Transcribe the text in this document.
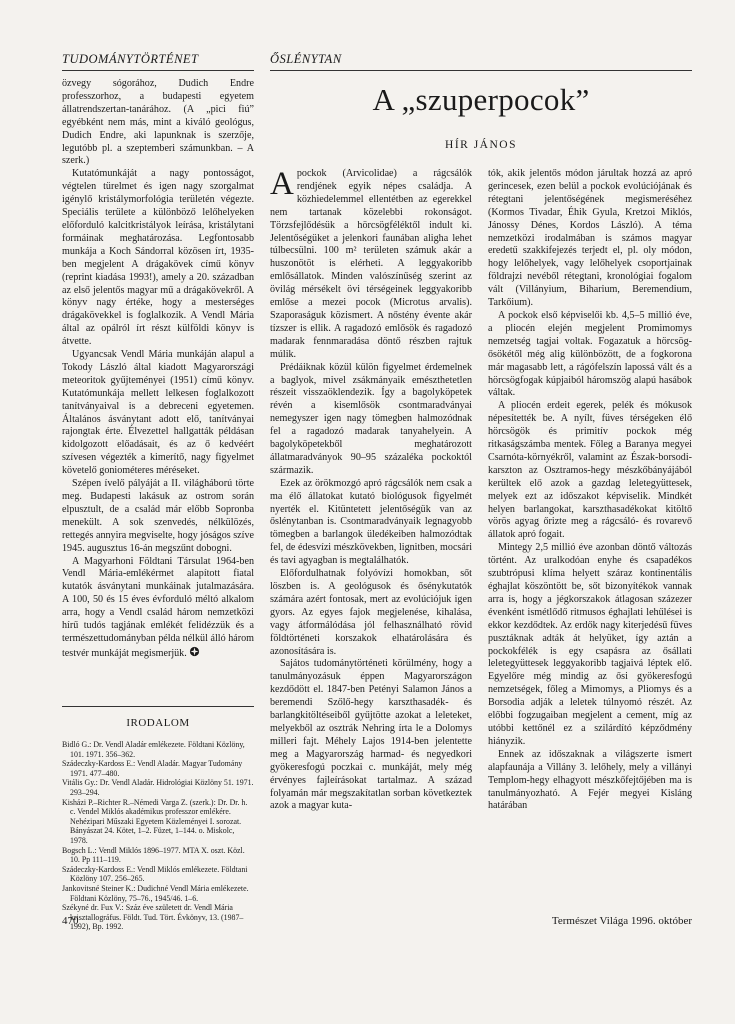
TUDOMÁNYTÖRTÉNET	ŐSLÉNYTAN

özvegy sógorához, Dudich Endre professzorhoz, a budapesti egyetem állatrendszertan-tanárához. (A „pici fiú” egyébként nem más, mint a kiváló geológus, Dudich Endre, aki lapunknak is szerzője, legutóbb pl. a szeptemberi számunkban. – A szerk.)

Kutatómunkáját a nagy pontosságot, végtelen türelmet és igen nagy szorgalmat igénylő kristálymorfológia területén végezte. Speciális területe a különböző lelőhelyeken előforduló kalcitkristályok leírása, kristálytani formáinak meghatározása. Legfontosabb munkája a Koch Sándorral közösen írt, 1935-ben megjelent A drágakövek című könyv (reprint kiadása 1993!), amely a 20. században az első jelentős magyar mű a drágakövekről. A könyv nagy értéke, hogy a mesterséges drágakövekkel is foglalkozik. A Vendl Mária által az opálról írt részt külföldi könyv is átvette.

Ugyancsak Vendl Mária munkáján alapul a Tokody László által kiadott Magyarországi meteoritok gyűjteményei (1951) című könyv. Kutatómunkája mellett lelkesen foglalkozott tanítványaival is a debreceni egyetemen. Általános ásványtant adott elő, tanítványai rajongtak érte. Élvezettel hallgatták példásan kidolgozott előadásait, és az ő kedvéért szívesen végezték a kimerítő, nagy figyelmet követelő goniométeres méréseket.

Szépen ívelő pályáját a II. világháború törte meg. Budapesti lakásuk az ostrom során elpusztult, de a család már előbb Sopronba menekült. A sok szenvedés, nélkülözés, rettegés annyira megviselte, hogy jóságos szíve 1945. augusztus 16-án megszűnt dobogni.

A Magyarhoni Földtani Társulat 1964-ben Vendl Mária-emlékérmet alapított fiatal kutatók ásványtani munkáinak jutalmazására. A 100, 50 és 15 éves évforduló méltó alkalom arra, hogy a Vendl család három nemzetközi hírű tudós tagjának emlékét felidézzük és a természettudományban példa nélkül álló három testvér munkáját megismerjük.

IRODALOM
Bidló G.: Dr. Vendl Aladár emlékezete. Földtani Közlöny, 101. 1971. 356–362.
Szádeczky-Kardoss E.: Vendl Aladár. Magyar Tudomány 1971. 477–480.
Vitális Gy.: Dr. Vendl Aladár. Hidrológiai Közlöny 51. 1971. 293–294.
Kisházi P.–Richter R.–Némedi Varga Z. (szerk.): Dr. Dr. h. c. Vendel Miklós akadémikus professzor emlékére. Nehézipari Műszaki Egyetem Közleményei I. sorozat. Bányászat 24. Kötet, 1–2. Füzet, 1–144. o. Miskolc, 1978.
Bogsch L.: Vendl Miklós 1896–1977. MTA X. oszt. Közl. 10. Pp 111–119.
Szádeczky-Kardoss E.: Vendl Miklós emlékezete. Földtani Közlöny 107. 256–265.
Jankovitsné Steiner K.: Dudichné Vendl Mária emlékezete. Földtani Közlöny, 75–76., 1945/46. 1–6.
Székyné dr. Fux V.: Száz éve született dr. Vendl Mária krisztallográfus. Földt. Tud. Tört. Évkönyv, 13. (1987–1992), Bp. 1992.
A „szuperpocok”
HÍR JÁNOS

Apockok (Arvicolidae) a rágcsálók rendjének egyik népes családja. A közhiedelemmel ellentétben az egerekkel nem tartanak közelebbi rokonságot. Törzsfejlődésük a hörcsögféléktől indult ki. Jelentőségüket a jelenkori faunában aligha lehet túlbecsülni. 100 m² területen számuk akár a huszonötöt is elérheti. A leggyakoribb emlősállatok. Minden valószínűség szerint az övilág mérsékelt övi térségeinek leggyakoribb emlőse a mezei pocok (Microtus arvalis). Szaporaságuk közismert. A nőstény évente akár tízszer is ellik. A ragadozó emlősök és ragadozó madarak fennmaradása döntő részben rajtuk múlik.

Prédáiknak közül külön figyelmet érdemelnek a baglyok, mivel zsákmányaik emészthetetlen részeit visszaöklendezik. Így a bagolyköpetek révén a kisemlősök csontmaradványai nemegyszer igen nagy tömegben halmozódnak fel a ragadozó madarak tanyahelyein. A bagolyköpetekből meghatározott állatmaradványok 90–95 százaléka pockoktól származik.

Ezek az örökmozgó apró rágcsálók nem csak a ma élő állatokat kutató biológusok figyelmét nyerték el. Kitüntetett jelentőségük van az őslénytanban is. Csontmaradványaik legnagyobb tömegben a barlangok üledékeiben halmozódtak fel, de édesvízi mészkövekben, lignitben, mocsári és tavi agyagban is megtalálhatók.

Előfordulhatnak folyóvízi homokban, sőt löszben is. A geológusok és ősénykutatók számára azért fontosak, mert az evolúciójuk igen gyors. Az egyes fajok megjelenése, kihalása, vagy átformálódása jól felhasználható rövid földtörténeti korszakok elhatárolására és azonosítására is.

Sajátos tudománytörténeti körülmény, hogy a tanulmányozásuk éppen Magyarországon kezdődött el. 1847-ben Petényi Salamon János a beremendi Szőlő-hegy karszthasadék- és barlangkitöltéseiből gyűjtötte azokat a leleteket, melyekből az osztrák Nehring írta le a Dolomys milleri fajt. Méhely Lajos 1914-ben jelentette meg a Magyarország harmad- és negyedkori gyökeresfogú poczkai c. munkáját, mely még érvényes fajleírásokat tartalmaz. A század folyamán már megszakítatlan sorban következtek azok a magyar kuta-

tók, akik jelentős módon járultak hozzá az apró gerincesek, ezen belül a pockok evolúciójának és rétegtani jelentőségének megismeréséhez (Kormos Tivadar, Éhik Gyula, Kretzoi Miklós, Jánossy Dénes, Kordos László). A téma nemzetközi irodalmában is számos magyar eredetű szakkifejezés terjedt el, pl. oly módon, hogy lelőhelyek, vagy lelőhelyek csoportjainak földrajzi nevéből rétegtani, kronológiai fogalom vált (Villányium, Biharium, Beremendium, Tarkőium).

A pockok első képviselői kb. 4,5–5 millió éve, a pliocén elején megjelent Promimomys nemzetség tagjai voltak. Fogazatuk a hörcsög-ősökétől még alig különbözött, de a fogkorona már magasabb lett, a rágófelszín lapossá vált és a hörcsögfogak kúpjaiból háromszög alapú hasábok váltak.

A pliocén erdeit egerek, pelék és mókusok népesítették be. A nyílt, füves térségeken élő hörcsögök és primitív pockok még ritkaságszámba mentek. Főleg a Baranya megyei Csarnóta-környékről, valamint az Észak-borsodi-karszton az Osztramos-hegy mészkőbányájából kerültek elő azok a gazdag leletegyüttesek, melyek ezt az időszakot képviselik. Mindkét helyen barlangokat, karszthasadékokat kitöltő vörös agyag őrizte meg a rágcsáló- és rovarevő állatok apró fogait.

Mintegy 2,5 millió éve azonban döntő változás történt. Az uralkodóan enyhe és csapadékos szubtrópusi klíma helyett száraz kontinentális éghajlat köszöntött be, sőt bizonyítékok vannak arra is, hogy a jégkorszakok átlagosan százezer évenként ismétlődő ritmusos éghajlati lehűlései is ekkor kezdődtek. Az erdők nagy kiterjedésű füves pusztáknak adták át helyüket, így aztán a pockokfélék is egy csapásra az ősállati leletegyüttesek leggyakoribb tagjaivá léptek elő. Egyelőre még mindig az ősi gyökeresfogú nemzetségek, főleg a Mimomys, a Pliomys és a Borsodia adják a leletek túlnyomó részét. Az előbbi fogzugaiban megjelent a cement, míg az utóbbi kettőnél ez a szilárdító képződmény hiányzik.

Ennek az időszaknak a világszerte ismert alapfaunája a Villány 3. lelőhely, mely a villányi Templom-hegy elhagyott mészkőfejtőjében ma is tanulmányozható. A Fejér megyei Kisláng határában

470	Természet Világa 1996. október
